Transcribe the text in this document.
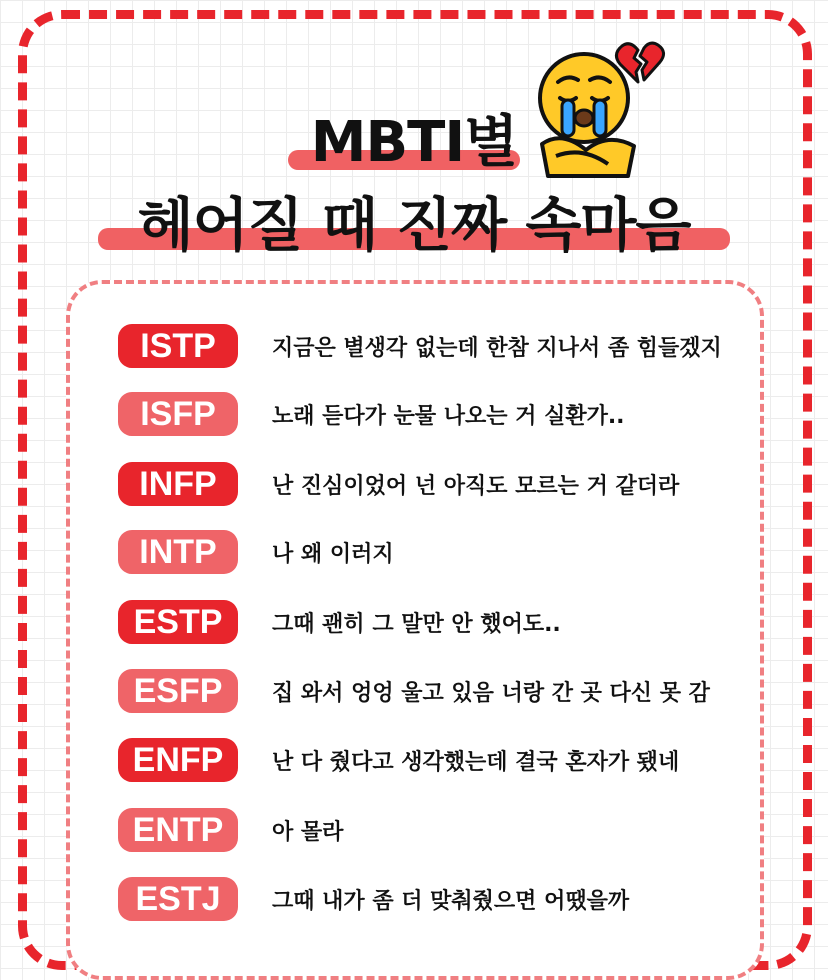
MBTI별
헤어질 때 진짜 속마음
ISTP	지금은 별생각 없는데 한참 지나서 좀 힘들겠지
ISFP	노래 듣다가 눈물 나오는 거 실환가..
INFP	난 진심이었어 넌 아직도 모르는 거 같더라
INTP	나 왜 이러지
ESTP	그때 괜히 그 말만 안 했어도..
ESFP	집 와서 엉엉 울고 있음 너랑 간 곳 다신 못 감
ENFP	난 다 줬다고 생각했는데 결국 혼자가 됐네
ENTP	아 몰라
ESTJ	그때 내가 좀 더 맞춰줬으면 어땠을까
